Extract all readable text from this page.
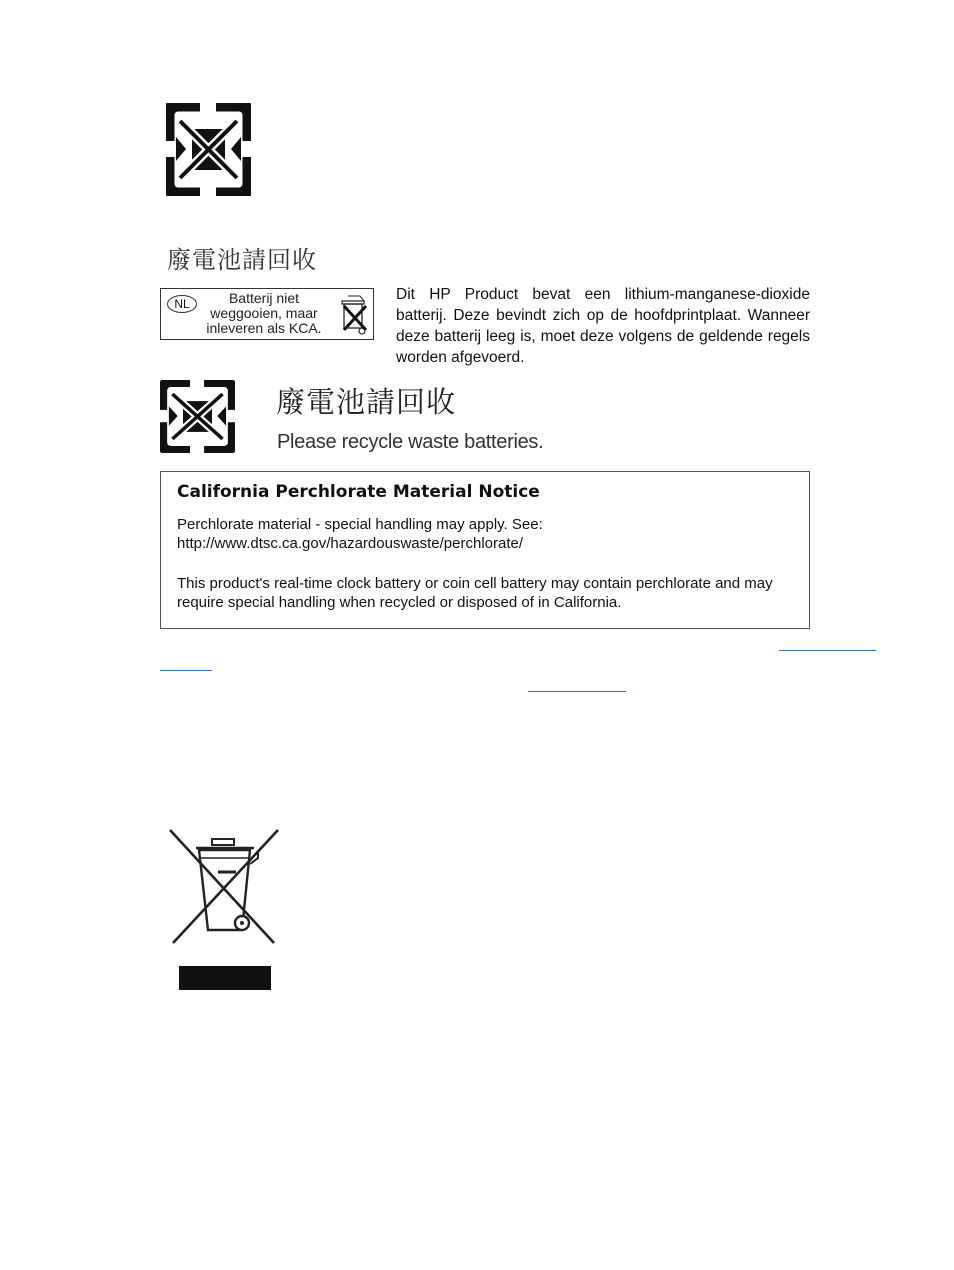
廢電池請回收
NL	Batterij niet
weggooien, maar
inleveren als KCA.
Dit HP Product bevat een lithium-manganese-dioxide batterij. Deze bevindt zich op de hoofdprintplaat. Wanneer deze batterij leeg is, moet deze volgens de geldende regels worden afgevoerd.
廢電池請回收
Please recycle waste batteries.
California Perchlorate Material Notice
Perchlorate material - special handling may apply. See:
http://www.dtsc.ca.gov/hazardouswaste/perchlorate/
This product's real-time clock battery or coin cell battery may contain perchlorate and may require special handling when recycled or disposed of in California.
